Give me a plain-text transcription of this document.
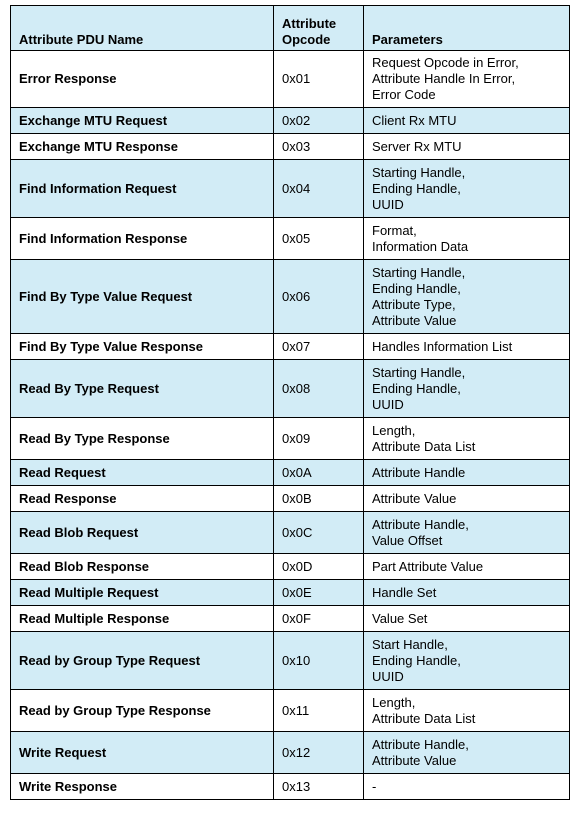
Attribute PDU Name	Attribute Opcode	Parameters
Error Response	0x01	Request Opcode in Error,
Attribute Handle In Error,
Error Code

Exchange MTU Request	0x02	Client Rx MTU

Exchange MTU Response	0x03	Server Rx MTU

Find Information Request	0x04	Starting Handle,
Ending Handle,
UUID

Find Information Response	0x05	Format,
Information Data

Find By Type Value Request	0x06	Starting Handle,
Ending Handle,
Attribute Type,
Attribute Value

Find By Type Value Response	0x07	Handles Information List

Read By Type Request	0x08	Starting Handle,
Ending Handle,
UUID

Read By Type Response	0x09	Length,
Attribute Data List

Read Request	0x0A	Attribute Handle

Read Response	0x0B	Attribute Value

Read Blob Request	0x0C	Attribute Handle,
Value Offset

Read Blob Response	0x0D	Part Attribute Value

Read Multiple Request	0x0E	Handle Set

Read Multiple Response	0x0F	Value Set

Read by Group Type Request	0x10	Start Handle,
Ending Handle,
UUID

Read by Group Type Response	0x11	Length,
Attribute Data List

Write Request	0x12	Attribute Handle,
Attribute Value

Write Response	0x13	-
